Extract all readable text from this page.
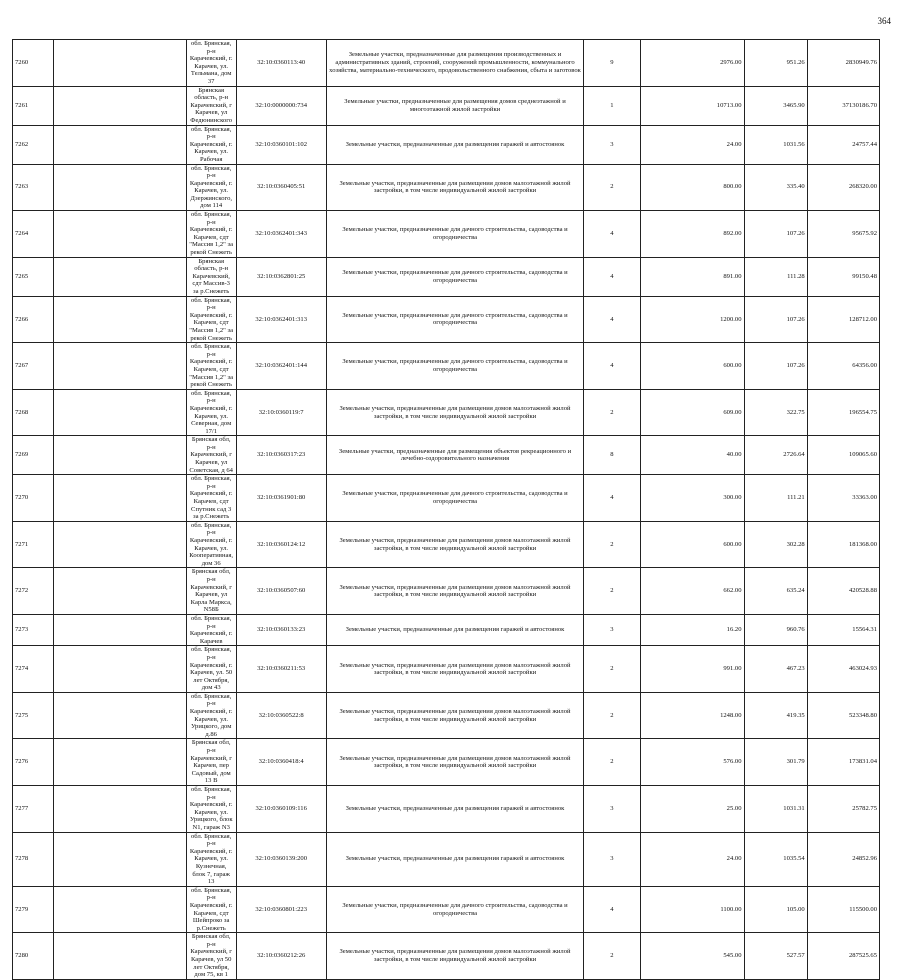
364
7260		обл. Брянская, р-н Карачевский, г. Карачев, ул. Тельмана, дом 37	32:10:0360113:40	Земельные участки, предназначенные для размещения производственных и административных зданий, строений, сооружений промышленности, коммунального хозяйства, материально-технического, продовольственного снабжения, сбыта и заготовок	9	2976.00	951.26	2830949.76
7261		Брянская область, р-н Карачевский, г Карачев, ул Федюнинского	32:10:0000000:734	Земельные участки, предназначенные для размещения домов среднеэтажной и многоэтажной жилой застройки	1	10713.00	3465.90	37130186.70
7262		обл. Брянская, р-н Карачевский, г. Карачев, ул. Рабочая	32:10:0360101:102	Земельные участки, предназначенные для размещения гаражей и автостоянок	3	24.00	1031.56	24757.44
7263		обл. Брянская, р-н Карачевский, г. Карачев, ул. Дзержинского, дом 114	32:10:0360405:51	Земельные участки, предназначенные для размещения домов малоэтажной жилой застройки, в том числе индивидуальной жилой застройки	2	800.00	335.40	268320.00
7264		обл. Брянская, р-н Карачевский, г. Карачев, сдт "Массив 1,2" за рекой Снежеть	32:10:0362401:343	Земельные участки, предназначенные для дачного строительства, садоводства и огородничества	4	892.00	107.26	95675.92
7265		Брянская область, р-н Карачевский, сдт Массив-3 за р.Снежеть	32:10:0362801:25	Земельные участки, предназначенные для дачного строительства, садоводства и огородничества	4	891.00	111.28	99150.48
7266		обл. Брянская, р-н Карачевский, г. Карачев, сдт "Массив 1,2" за рекой Снежеть	32:10:0362401:313	Земельные участки, предназначенные для дачного строительства, садоводства и огородничества	4	1200.00	107.26	128712.00
7267		обл. Брянская, р-н Карачевский, г. Карачев, сдт "Массив 1,2" за рекой Снежеть	32:10:0362401:144	Земельные участки, предназначенные для дачного строительства, садоводства и огородничества	4	600.00	107.26	64356.00
7268		обл. Брянская, р-н Карачевский, г. Карачев, ул. Северная, дом 17/1	32:10:0360119:7	Земельные участки, предназначенные для размещения домов малоэтажной жилой застройки, в том числе индивидуальной жилой застройки	2	609.00	322.75	196554.75
7269		Брянская обл, р-н Карачевский, г Карачев, ул Советская, д 64	32:10:0360317:23	Земельные участки, предназначенные для размещения объектов рекреационного и лечебно-оздоровительного назначения	8	40.00	2726.64	109065.60
7270		обл. Брянская, р-н Карачевский, г. Карачев, сдт Спутник сад 3 за р.Снежеть	32:10:0361901:80	Земельные участки, предназначенные для дачного строительства, садоводства и огородничества	4	300.00	111.21	33363.00
7271		обл. Брянская, р-н Карачевский, г. Карачев, ул. Кооперативная, дом 36	32:10:0360124:12	Земельные участки, предназначенные для размещения домов малоэтажной жилой застройки, в том числе индивидуальной жилой застройки	2	600.00	302.28	181368.00
7272		Брянская обл, р-н Карачевский, г Карачев, ул Карла Маркса, N58Б	32:10:0360507:60	Земельные участки, предназначенные для размещения домов малоэтажной жилой застройки, в том числе индивидуальной жилой застройки	2	662.00	635.24	420528.88
7273		обл. Брянская, р-н Карачевский, г. Карачев	32:10:0360133:23	Земельные участки, предназначенные для размещения гаражей и автостоянок	3	16.20	960.76	15564.31
7274		обл. Брянская, р-н Карачевский, г. Карачев, ул. 50 лет Октября, дом 43	32:10:0360211:53	Земельные участки, предназначенные для размещения домов малоэтажной жилой застройки, в том числе индивидуальной жилой застройки	2	991.00	467.23	463024.93
7275		обл. Брянская, р-н Карачевский, г. Карачев, ул. Урицкого, дом д.86	32:10:0360522:8	Земельные участки, предназначенные для размещения домов малоэтажной жилой застройки, в том числе индивидуальной жилой застройки	2	1248.00	419.35	523348.80
7276		Брянская обл, р-н Карачевский, г Карачев, пер Садовый, дом 13 В	32:10:0360418:4	Земельные участки, предназначенные для размещения домов малоэтажной жилой застройки, в том числе индивидуальной жилой застройки	2	576.00	301.79	173831.04
7277		обл. Брянская, р-н Карачевский, г. Карачев, ул. Урицкого, блок N1, гараж N3	32:10:0360109:116	Земельные участки, предназначенные для размещения гаражей и автостоянок	3	25.00	1031.31	25782.75
7278		обл. Брянская, р-н Карачевский, г. Карачев, ул. Кузнечная, блок 7, гараж 13	32:10:0360139:200	Земельные участки, предназначенные для размещения гаражей и автостоянок	3	24.00	1035.54	24852.96
7279		обл. Брянская, р-н Карачевский, г. Карачев, сдт Шейпроко за р.Снежеть	32:10:0360801:223	Земельные участки, предназначенные для дачного строительства, садоводства и огородничества	4	1100.00	105.00	115500.00
7280		Брянская обл, р-н Карачевский, г Карачев, ул 50 лет Октября, дом 75, кв 1	32:10:0360212:26	Земельные участки, предназначенные для размещения домов малоэтажной жилой застройки, в том числе индивидуальной жилой застройки	2	545.00	527.57	287525.65
